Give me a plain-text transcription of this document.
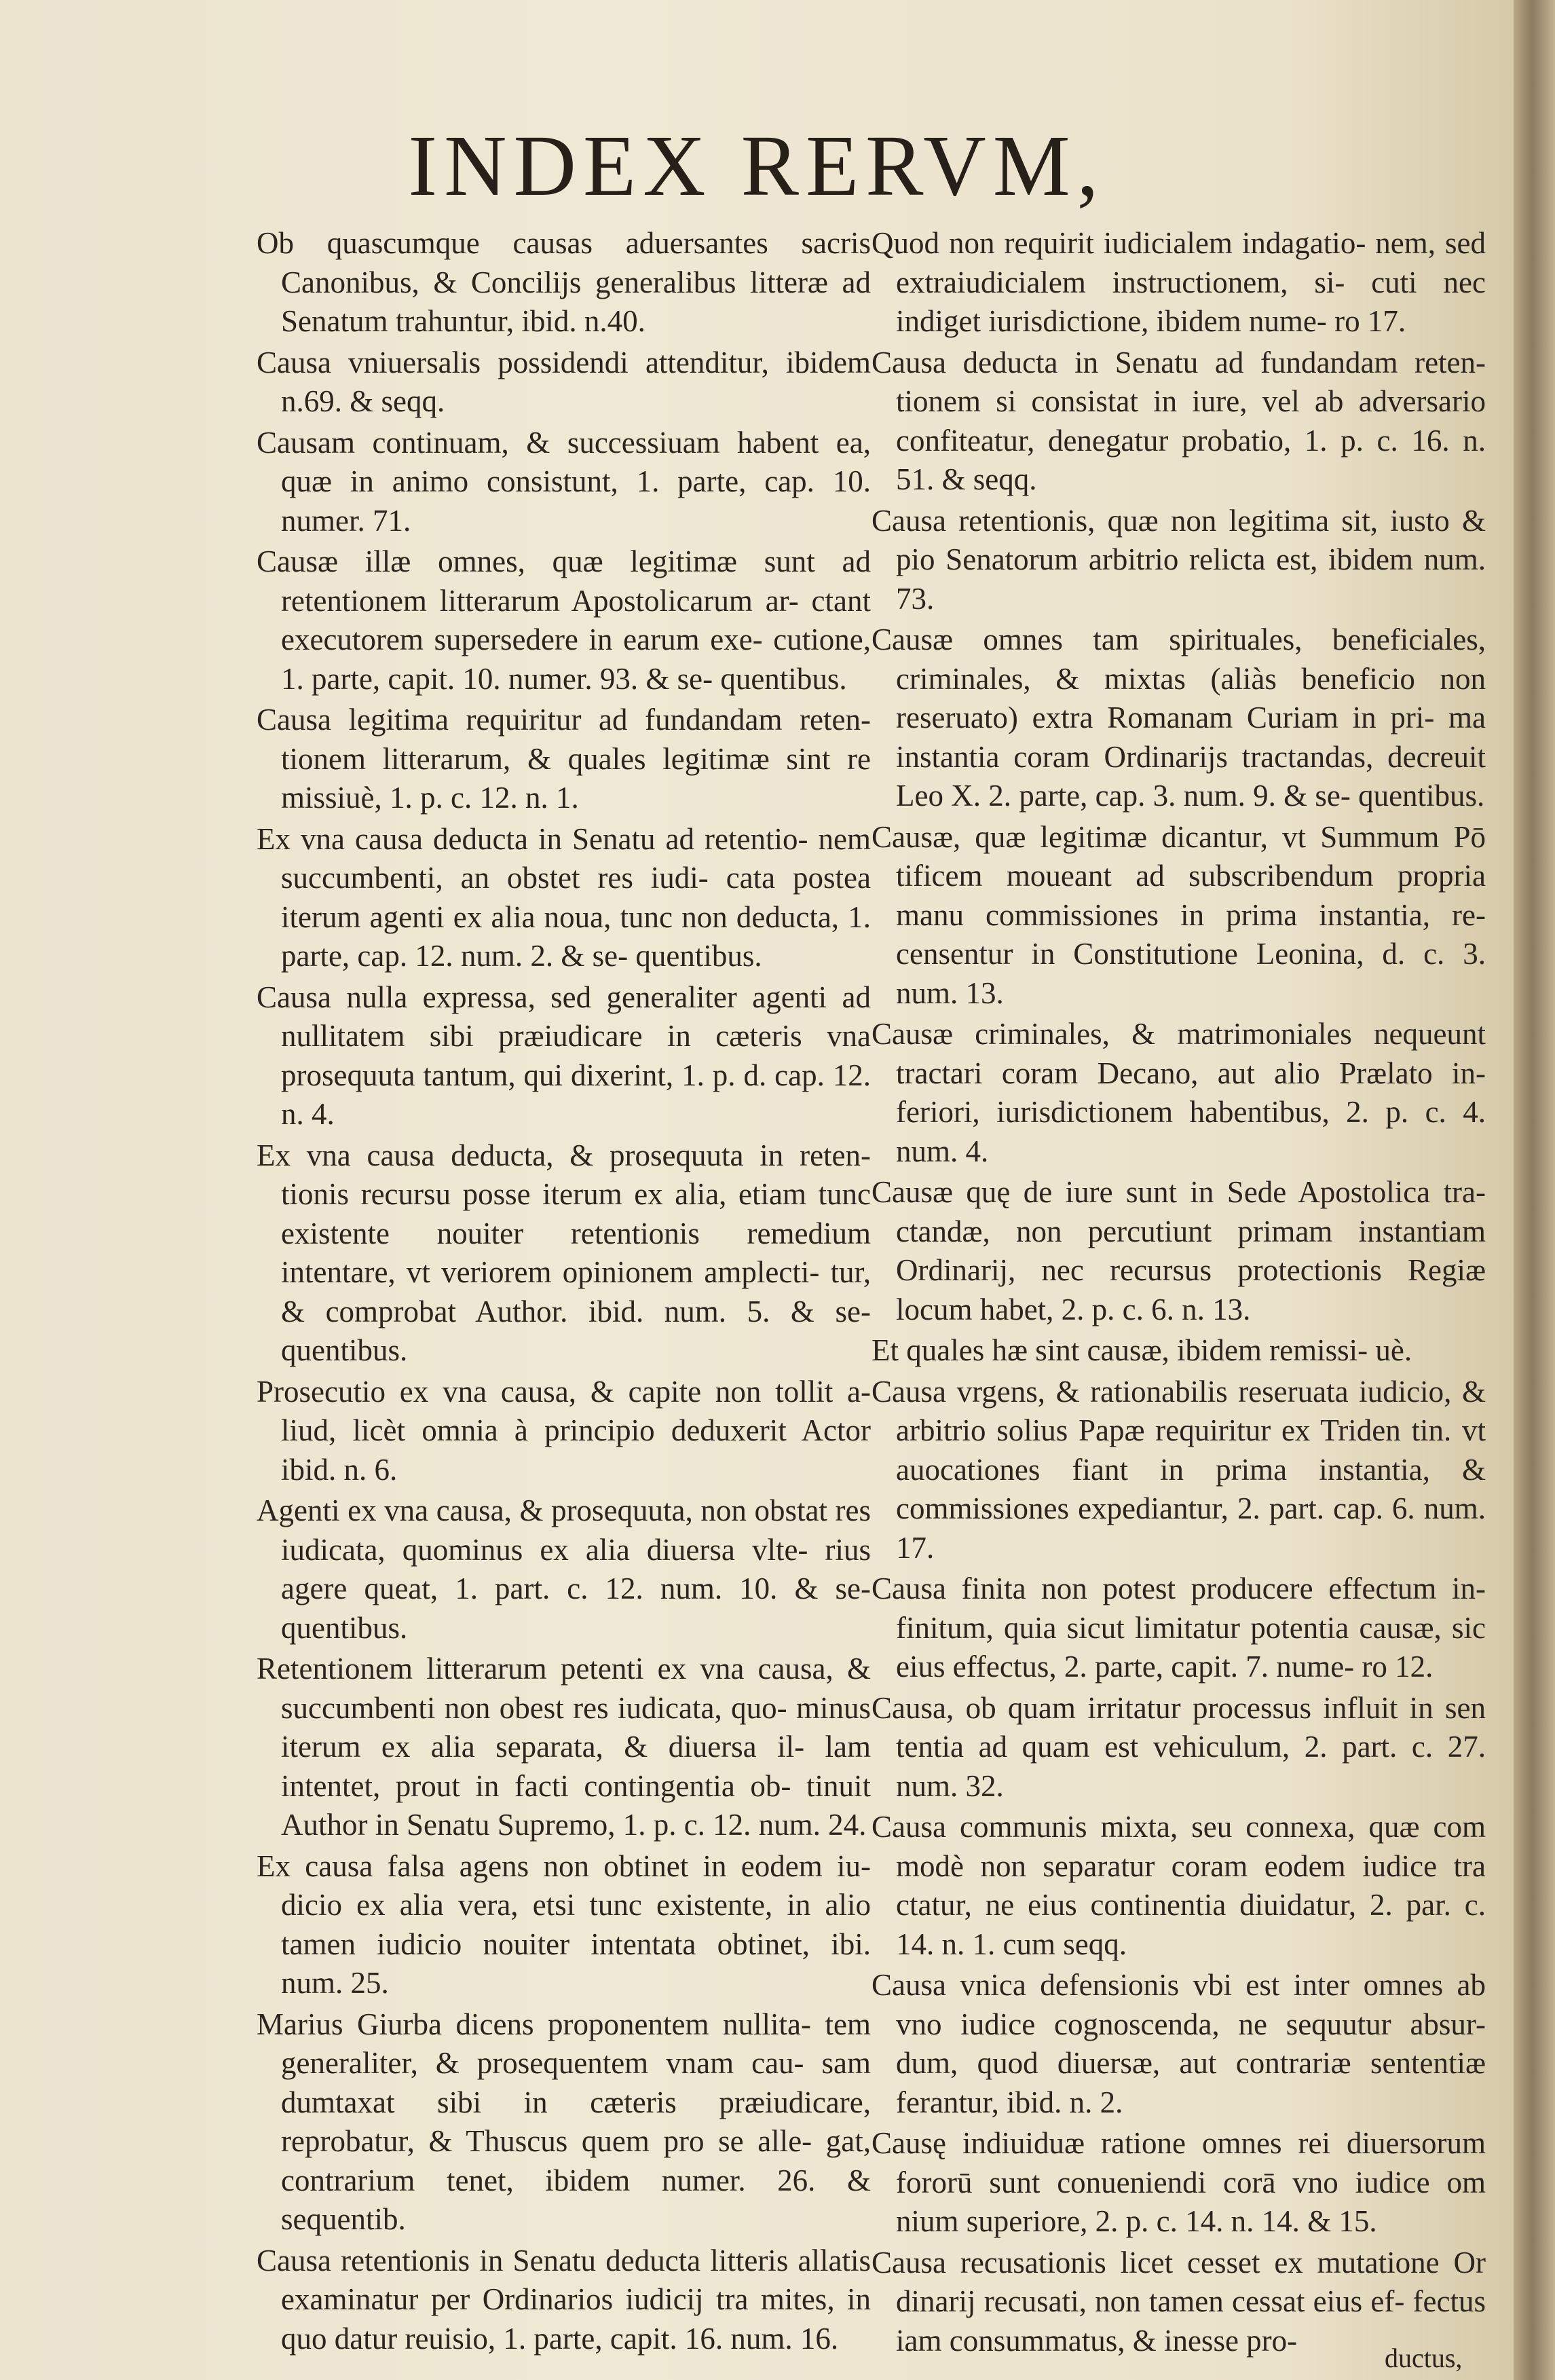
INDEX RERVM,

Ob quascumque causas aduersantes sacris Canonibus, & Concilijs generalibus litteræ ad Senatum trahuntur, ibid. n.40.

Causa vniuersalis possidendi attenditur, ibidem n.69. & seqq.

Causam continuam, & successiuam habent ea, quæ in animo consistunt, 1. parte, cap. 10. numer. 71.

Causæ illæ omnes, quæ legitimæ sunt ad retentionem litterarum Apostolicarum ar- ctant executorem supersedere in earum exe- cutione, 1. parte, capit. 10. numer. 93. & se- quentibus.

Causa legitima requiritur ad fundandam reten- tionem litterarum, & quales legitimæ sint re missiuè, 1. p. c. 12. n. 1.

Ex vna causa deducta in Senatu ad retentio- nem succumbenti, an obstet res iudi- cata postea iterum agenti ex alia noua, tunc non deducta, 1. parte, cap. 12. num. 2. & se- quentibus.

Causa nulla expressa, sed generaliter agenti ad nullitatem sibi præiudicare in cæteris vna prosequuta tantum, qui dixerint, 1. p. d. cap. 12. n. 4.

Ex vna causa deducta, & prosequuta in reten- tionis recursu posse iterum ex alia, etiam tunc existente nouiter retentionis remedium intentare, vt veriorem opinionem amplecti- tur, & comprobat Author. ibid. num. 5. & se- quentibus.

Prosecutio ex vna causa, & capite non tollit a- liud, licèt omnia à principio deduxerit Actor ibid. n. 6.

Agenti ex vna causa, & prosequuta, non obstat res iudicata, quominus ex alia diuersa vlte- rius agere queat, 1. part. c. 12. num. 10. & se- quentibus.

Retentionem litterarum petenti ex vna causa, & succumbenti non obest res iudicata, quo- minus iterum ex alia separata, & diuersa il- lam intentet, prout in facti contingentia ob- tinuit Author in Senatu Supremo, 1. p. c. 12. num. 24.

Ex causa falsa agens non obtinet in eodem iu- dicio ex alia vera, etsi tunc existente, in alio tamen iudicio nouiter intentata obtinet, ibi. num. 25.

Marius Giurba dicens proponentem nullita- tem generaliter, & prosequentem vnam cau- sam dumtaxat sibi in cæteris præiudicare, reprobatur, & Thuscus quem pro se alle- gat, contrarium tenet, ibidem numer. 26. & sequentib.

Causa retentionis in Senatu deducta litteris allatis examinatur per Ordinarios iudicij tra mites, in quo datur reuisio, 1. parte, capit. 16. num. 16.

Quod non requirit iudicialem indagatio- nem, sed extraiudicialem instructionem, si- cuti nec indiget iurisdictione, ibidem nume- ro 17.

Causa deducta in Senatu ad fundandam reten- tionem si consistat in iure, vel ab adversario confiteatur, denegatur probatio, 1. p. c. 16. n. 51. & seqq.

Causa retentionis, quæ non legitima sit, iusto & pio Senatorum arbitrio relicta est, ibidem num. 73.

Causæ omnes tam spirituales, beneficiales, criminales, & mixtas (aliàs beneficio non reseruato) extra Romanam Curiam in pri- ma instantia coram Ordinarijs tractandas, decreuit Leo X. 2. parte, cap. 3. num. 9. & se- quentibus.

Causæ, quæ legitimæ dicantur, vt Summum Pō tificem moueant ad subscribendum propria manu commissiones in prima instantia, re- censentur in Constitutione Leonina, d. c. 3. num. 13.

Causæ criminales, & matrimoniales nequeunt tractari coram Decano, aut alio Prælato in- feriori, iurisdictionem habentibus, 2. p. c. 4. num. 4.

Causæ quę de iure sunt in Sede Apostolica tra- ctandæ, non percutiunt primam instantiam Ordinarij, nec recursus protectionis Regiæ locum habet, 2. p. c. 6. n. 13.

Et quales hæ sint causæ, ibidem remissi- uè.

Causa vrgens, & rationabilis reseruata iudicio, & arbitrio solius Papæ requiritur ex Triden tin. vt auocationes fiant in prima instantia, & commissiones expediantur, 2. part. cap. 6. num. 17.

Causa finita non potest producere effectum in- finitum, quia sicut limitatur potentia causæ, sic eius effectus, 2. parte, capit. 7. nume- ro 12.

Causa, ob quam irritatur processus influit in sen tentia ad quam est vehiculum, 2. part. c. 27. num. 32.

Causa communis mixta, seu connexa, quæ com modè non separatur coram eodem iudice tra ctatur, ne eius continentia diuidatur, 2. par. c. 14. n. 1. cum seqq.

Causa vnica defensionis vbi est inter omnes ab vno iudice cognoscenda, ne sequutur absur- dum, quod diuersæ, aut contrariæ sententiæ ferantur, ibid. n. 2.

Causę indiuiduæ ratione omnes rei diuersorum fororū sunt conueniendi corā vno iudice om nium superiore, 2. p. c. 14. n. 14. & 15.

Causa recusationis licet cesset ex mutatione Or dinarij recusati, non tamen cessat eius ef- fectus iam consummatus, & inesse pro-

ductus,
